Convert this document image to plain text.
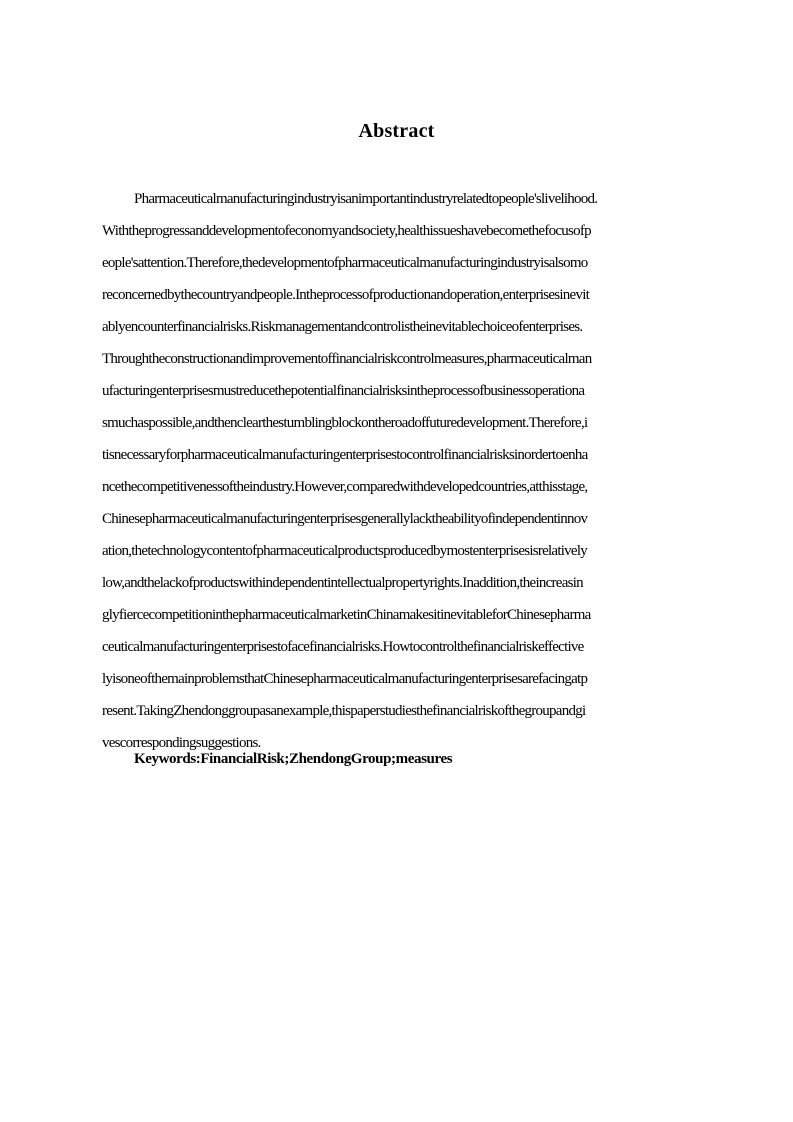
Abstract
Pharmaceuticalmanufacturingindustryisanimportantindustryrelatedtopeople'slivelihood.
Withtheprogressanddevelopmentofeconomyandsociety,healthissueshavebecomethefocusofp
eople'sattention.Therefore,thedevelopmentofpharmaceuticalmanufacturingindustryisalsomo
reconcernedbythecountryandpeople.Intheprocessofproductionandoperation,enterprisesinevit
ablyencounterfinancialrisks.Riskmanagementandcontrolistheinevitablechoiceofenterprises.
Throughtheconstructionandimprovementoffinancialriskcontrolmeasures,pharmaceuticalman
ufacturingenterprisesmustreducethepotentialfinancialrisksintheprocessofbusinessoperationa
smuchaspossible,andthenclearthestumblingblockontheroadoffuturedevelopment.Therefore,i
tisnecessaryforpharmaceuticalmanufacturingenterprisestocontrolfinancialrisksinordertoenha
ncethecompetitivenessoftheindustry.However,comparedwithdevelopedcountries,atthisstage,
Chinesepharmaceuticalmanufacturingenterprisesgenerallylacktheabilityofindependentinnov
ation,thetechnologycontentofpharmaceuticalproductsproducedbymostenterprisesisrelatively
low,andthelackofproductswithindependentintellectualpropertyrights.Inaddition,theincreasin
glyfiercecompetitioninthepharmaceuticalmarketinChinamakesitinevitableforChinesepharma
ceuticalmanufacturingenterprisestofacefinancialrisks.Howtocontrolthefinancialriskeffective
lyisoneofthemainproblemsthatChinesepharmaceuticalmanufacturingenterprisesarefacingatp
resent.TakingZhendonggroupasanexample,thispaperstudiesthefinancialriskofthegroupandgi
vescorrespondingsuggestions.
Keywords:FinancialRisk;ZhendongGroup;measures
